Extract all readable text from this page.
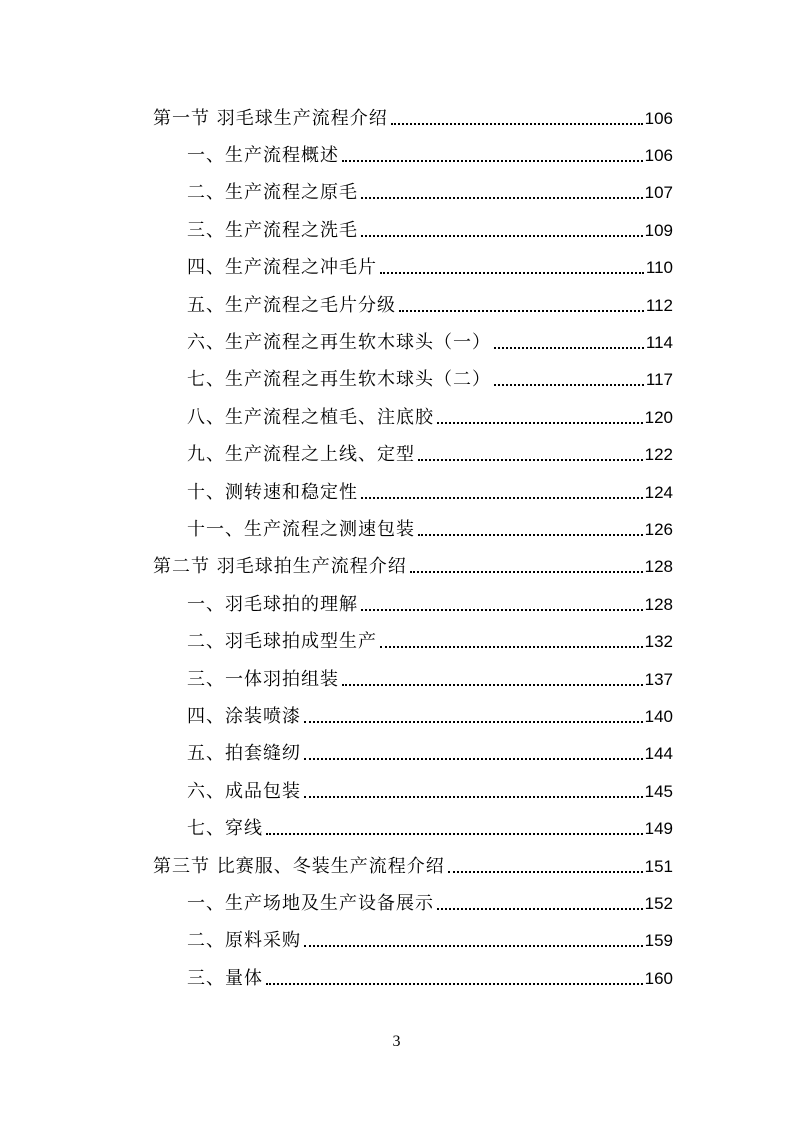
第一节 羽毛球生产流程介绍	106
一、生产流程概述	106
二、生产流程之原毛	107
三、生产流程之洗毛	109
四、生产流程之冲毛片	110
五、生产流程之毛片分级	112
六、生产流程之再生软木球头（一）	114
七、生产流程之再生软木球头（二）	117
八、生产流程之植毛、注底胶	120
九、生产流程之上线、定型	122
十、测转速和稳定性	124
十一、生产流程之测速包装	126
第二节 羽毛球拍生产流程介绍	128
一、羽毛球拍的理解	128
二、羽毛球拍成型生产	132
三、一体羽拍组装	137
四、涂装喷漆	140
五、拍套缝纫	144
六、成品包装	145
七、穿线	149
第三节 比赛服、冬装生产流程介绍	151
一、生产场地及生产设备展示	152
二、原料采购	159
三、量体	160
3
